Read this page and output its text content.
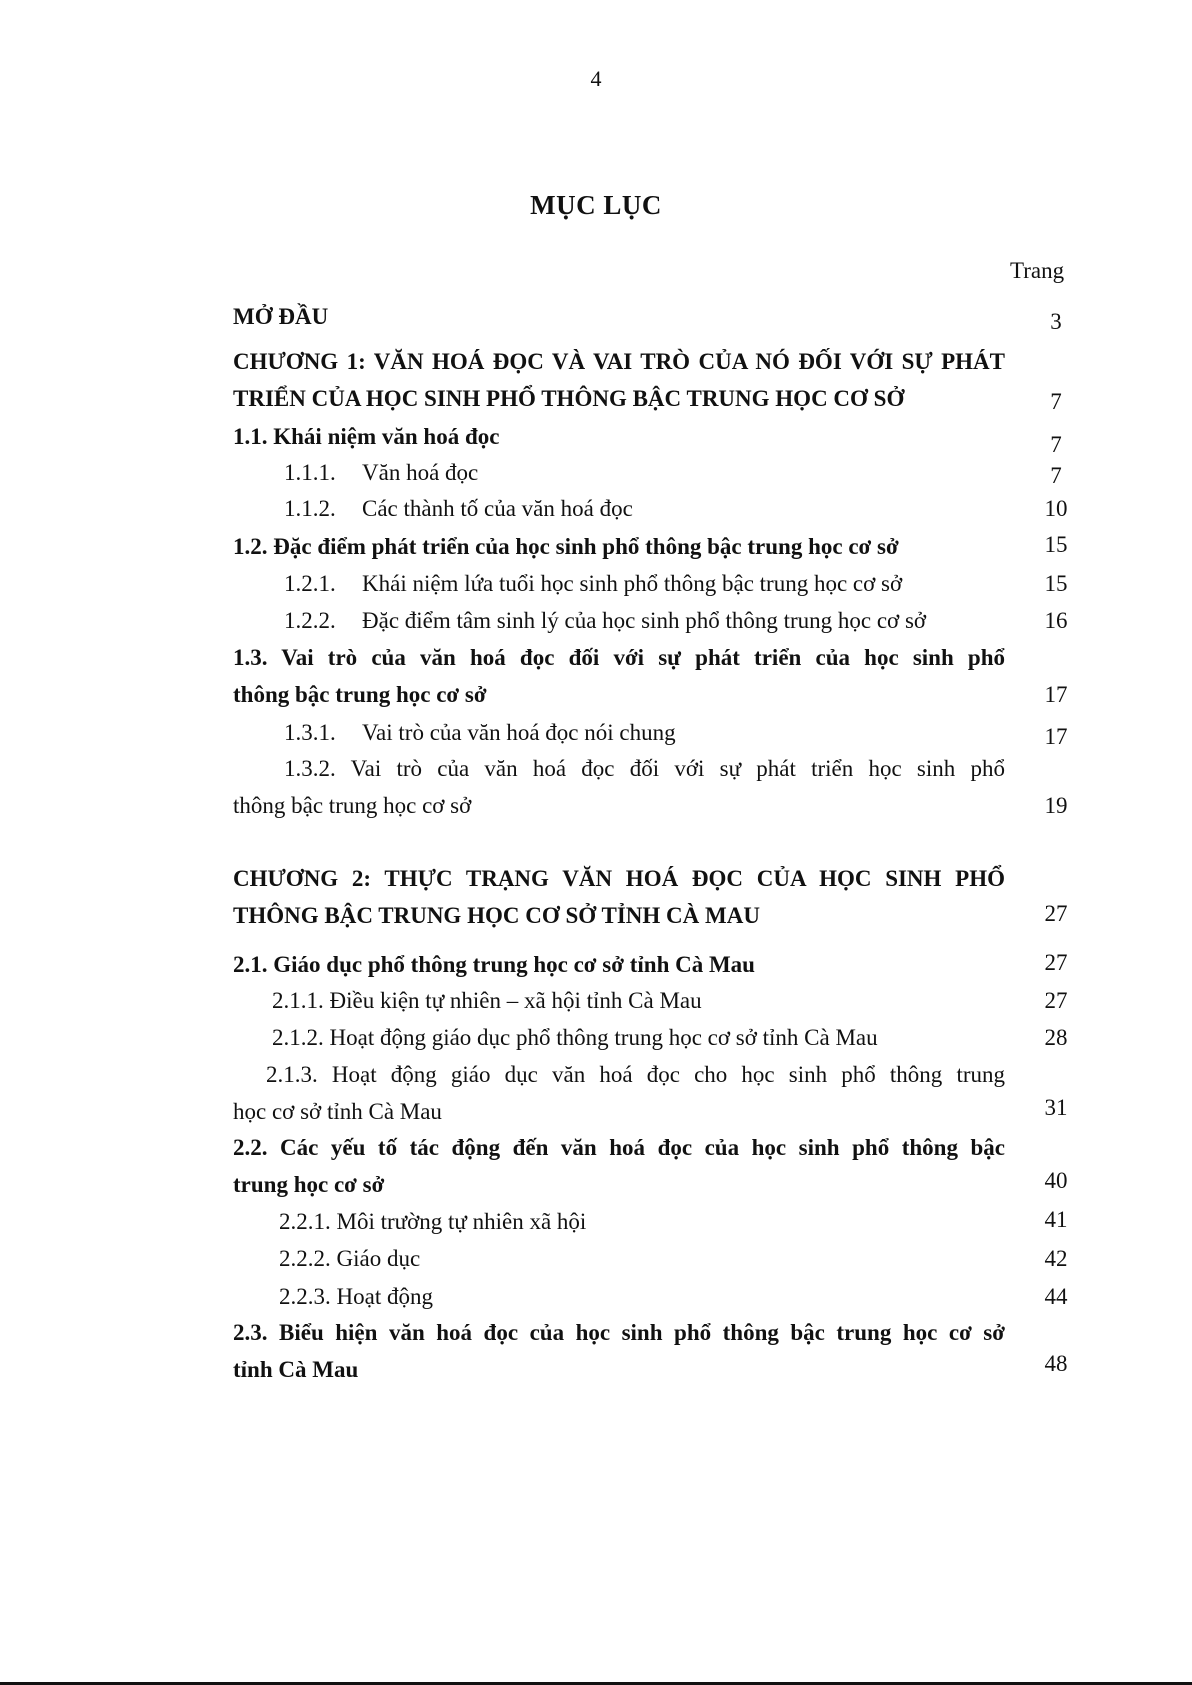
4
MỤC LỤC
Trang
MỞ ĐẦU	3
CHƯƠNG 1: VĂN HOÁ ĐỌC VÀ VAI TRÒ CỦA NÓ ĐỐI VỚI SỰ PHÁT
TRIỂN CỦA HỌC SINH PHỔ THÔNG BẬC TRUNG HỌC CƠ SỞ	7
1.1. Khái niệm văn hoá đọc	7
1.1.1. Văn hoá đọc	7
1.1.2. Các thành tố của văn hoá đọc	10
1.2. Đặc điểm phát triển của học sinh phổ thông bậc trung học cơ sở	15
1.2.1. Khái niệm lứa tuổi học sinh phổ thông bậc trung học cơ sở	15
1.2.2. Đặc điểm tâm sinh lý của học sinh phổ thông trung học cơ sở	16
1.3. Vai trò của văn hoá đọc đối với sự phát triển của học sinh phổ
thông bậc trung học cơ sở	17
1.3.1. Vai trò của văn hoá đọc nói chung	17
1.3.2. Vai trò của văn hoá đọc đối với sự phát triển học sinh phổ
thông bậc trung học cơ sở	19
CHƯƠNG 2: THỰC TRẠNG VĂN HOÁ ĐỌC CỦA HỌC SINH PHỔ
THÔNG BẬC TRUNG HỌC CƠ SỞ TỈNH CÀ MAU	27
2.1. Giáo dục phổ thông trung học cơ sở tỉnh Cà Mau	27
2.1.1. Điều kiện tự nhiên – xã hội tỉnh Cà Mau	27
2.1.2. Hoạt động giáo dục phổ thông trung học cơ sở tỉnh Cà Mau	28
2.1.3. Hoạt động giáo dục văn hoá đọc cho học sinh phổ thông trung
học cơ sở tỉnh Cà Mau	31
2.2. Các yếu tố tác động đến văn hoá đọc của học sinh phổ thông bậc
trung học cơ sở	40
2.2.1. Môi trường tự nhiên xã hội	41
2.2.2. Giáo dục	42
2.2.3. Hoạt động	44
2.3. Biểu hiện văn hoá đọc của học sinh phổ thông bậc trung học cơ sở
tỉnh Cà Mau	48
